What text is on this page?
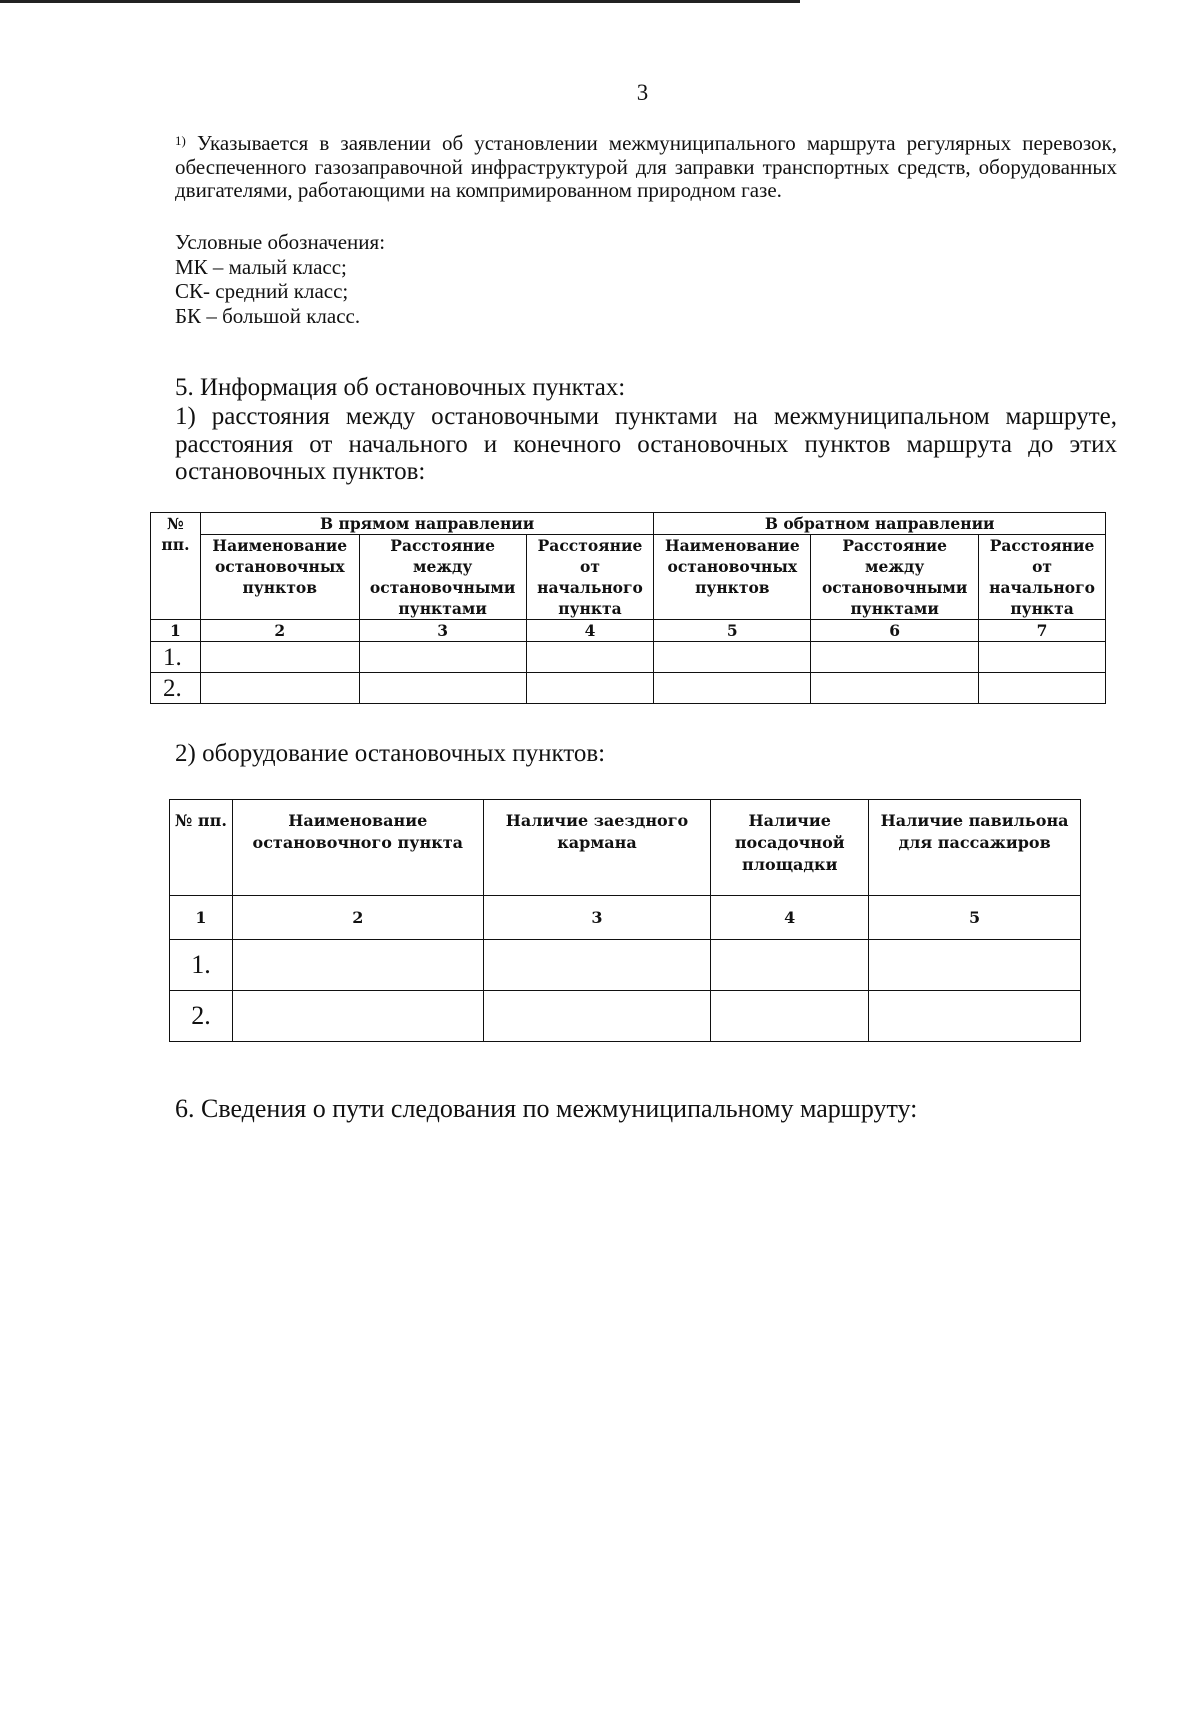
3
$^{1)}$ Указывается в заявлении об установлении межмуниципального маршрута регулярных перевозок, обеспеченного газозаправочной инфраструктурой для заправки транспортных средств, оборудованных двигателями, работающими на компримированном природном газе.
Условные обозначения:
МК – малый класс;
СК- средний класс;
БК – большой класс.
5. Информация об остановочных пунктах:
1) расстояния между остановочными пунктами на межмуниципальном маршруте, расстояния от начального и конечного остановочных пунктов маршрута до этих остановочных пунктов:
№ пп.	В прямом направлении			В обратном направлении		
	Наименование остановочных пунктов	Расстояние между остановочными пунктами	Расстояние от начального пункта	Наименование остановочных пунктов	Расстояние между остановочными пунктами	Расстояние от начального пункта
1	2	3	4	5	6	7
1.						
2.						
2) оборудование остановочных пунктов:
№ пп.	Наименование остановочного пункта	Наличие заездного кармана	Наличие посадочной площадки	Наличие павильона для пассажиров
1	2	3	4	5
1.				
2.				
6. Сведения о пути следования по межмуниципальному маршруту:
